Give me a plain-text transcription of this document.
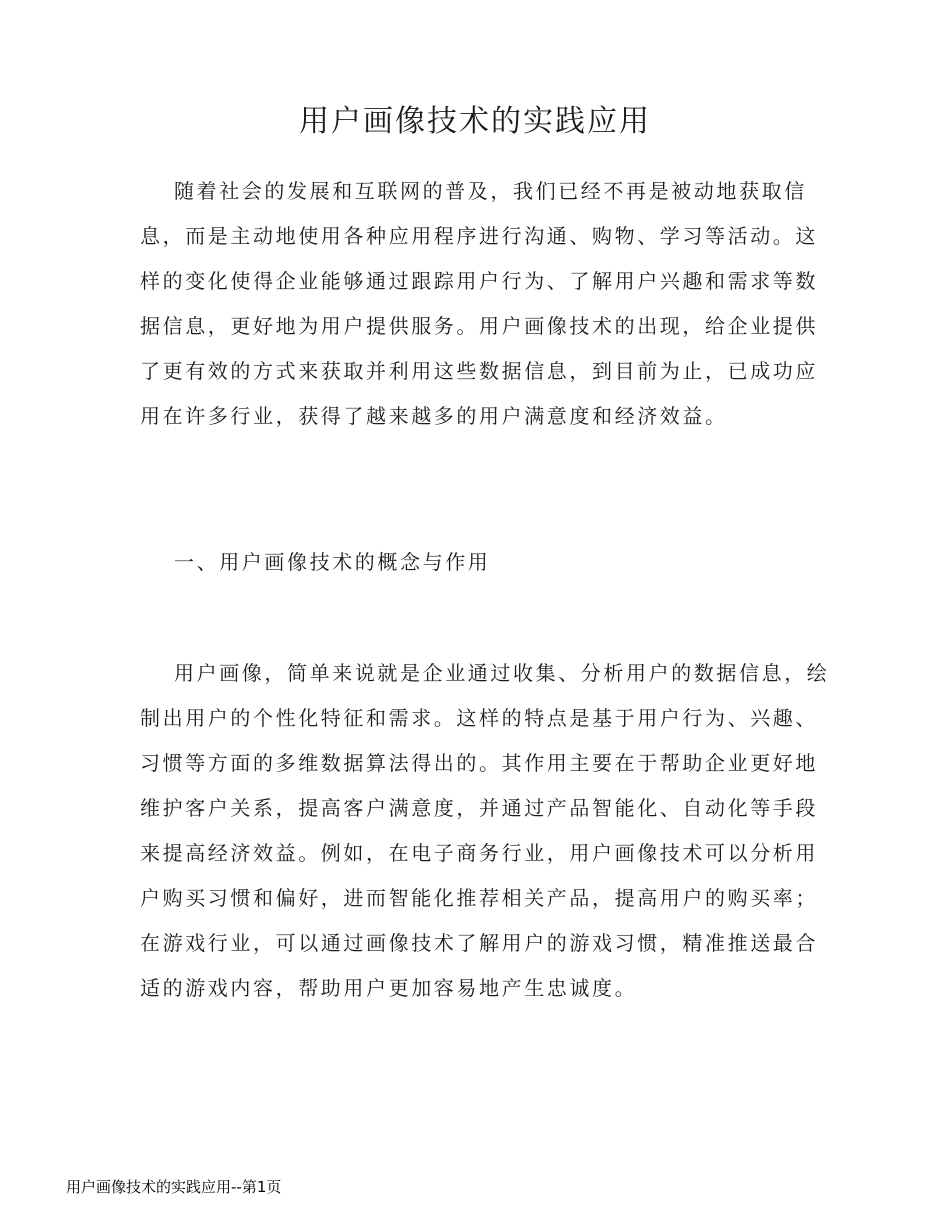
用户画像技术的实践应用

随着社会的发展和互联网的普及，我们已经不再是被动地获取信息，而是主动地使用各种应用程序进行沟通、购物、学习等活动。这样的变化使得企业能够通过跟踪用户行为、了解用户兴趣和需求等数据信息，更好地为用户提供服务。用户画像技术的出现，给企业提供了更有效的方式来获取并利用这些数据信息，到目前为止，已成功应用在许多行业，获得了越来越多的用户满意度和经济效益。

一、用户画像技术的概念与作用

用户画像，简单来说就是企业通过收集、分析用户的数据信息，绘制出用户的个性化特征和需求。这样的特点是基于用户行为、兴趣、习惯等方面的多维数据算法得出的。其作用主要在于帮助企业更好地维护客户关系，提高客户满意度，并通过产品智能化、自动化等手段来提高经济效益。例如，在电子商务行业，用户画像技术可以分析用户购买习惯和偏好，进而智能化推荐相关产品，提高用户的购买率；在游戏行业，可以通过画像技术了解用户的游戏习惯，精准推送最合适的游戏内容，帮助用户更加容易地产生忠诚度。

用户画像技术的实践应用--第1页
